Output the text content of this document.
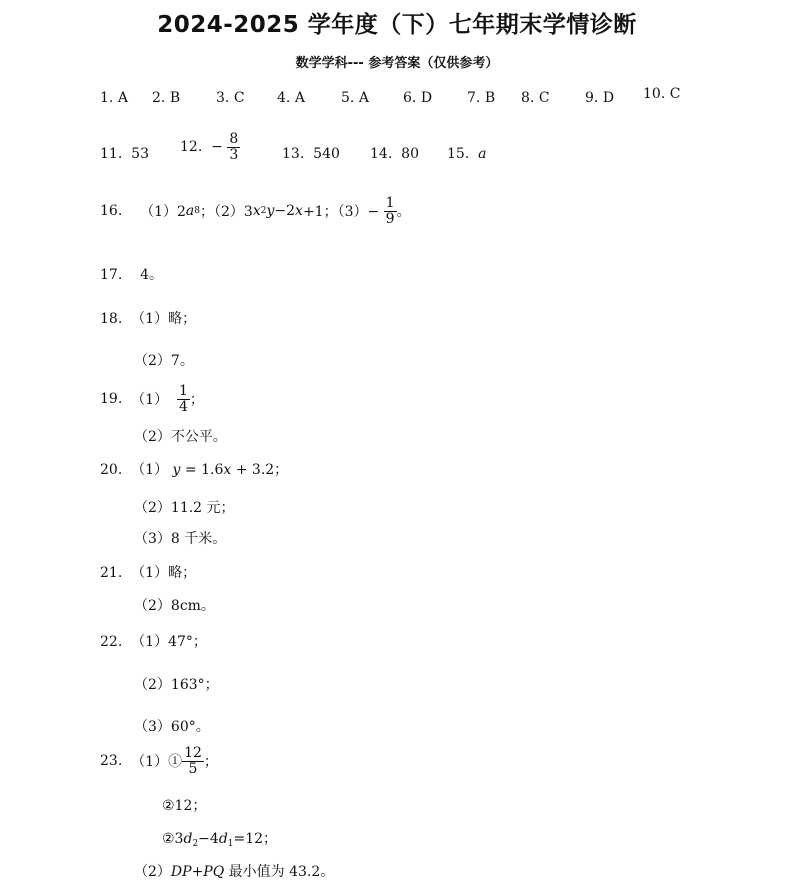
2024-2025 学年度（下）七年期末学情诊断
数学学科--- 参考答案（仅供参考）
1. A 2. B	3. C 4. A	5. A 6. D 7. B 8. C	9. D 10. C
11. 53 12.
−
$\frac{8}{3}$	13. 540 14. 80 15. a
16.
（1）2 a 8 ；（2）3 x 2 y −2 x +1；（3）−
$\frac{1}{9}$ 。
17. 4。
18. （1）略；
（2）7。
19.
（1）
$\frac{1}{4}$ ；
（2）不公平。
20. （1） y = 1.6x + 3.2；
（2）11.2 元；
（3）8 千米。
21. （1）略；
（2）8cm。
22. （1）47°；
（2）163°；
（3）60°。
23.
（1）① $\frac{12}{5}$ ；
②12；
$②3d_2-4d_1=12$；
（2）DP+PQ 最小值为 43.2。
